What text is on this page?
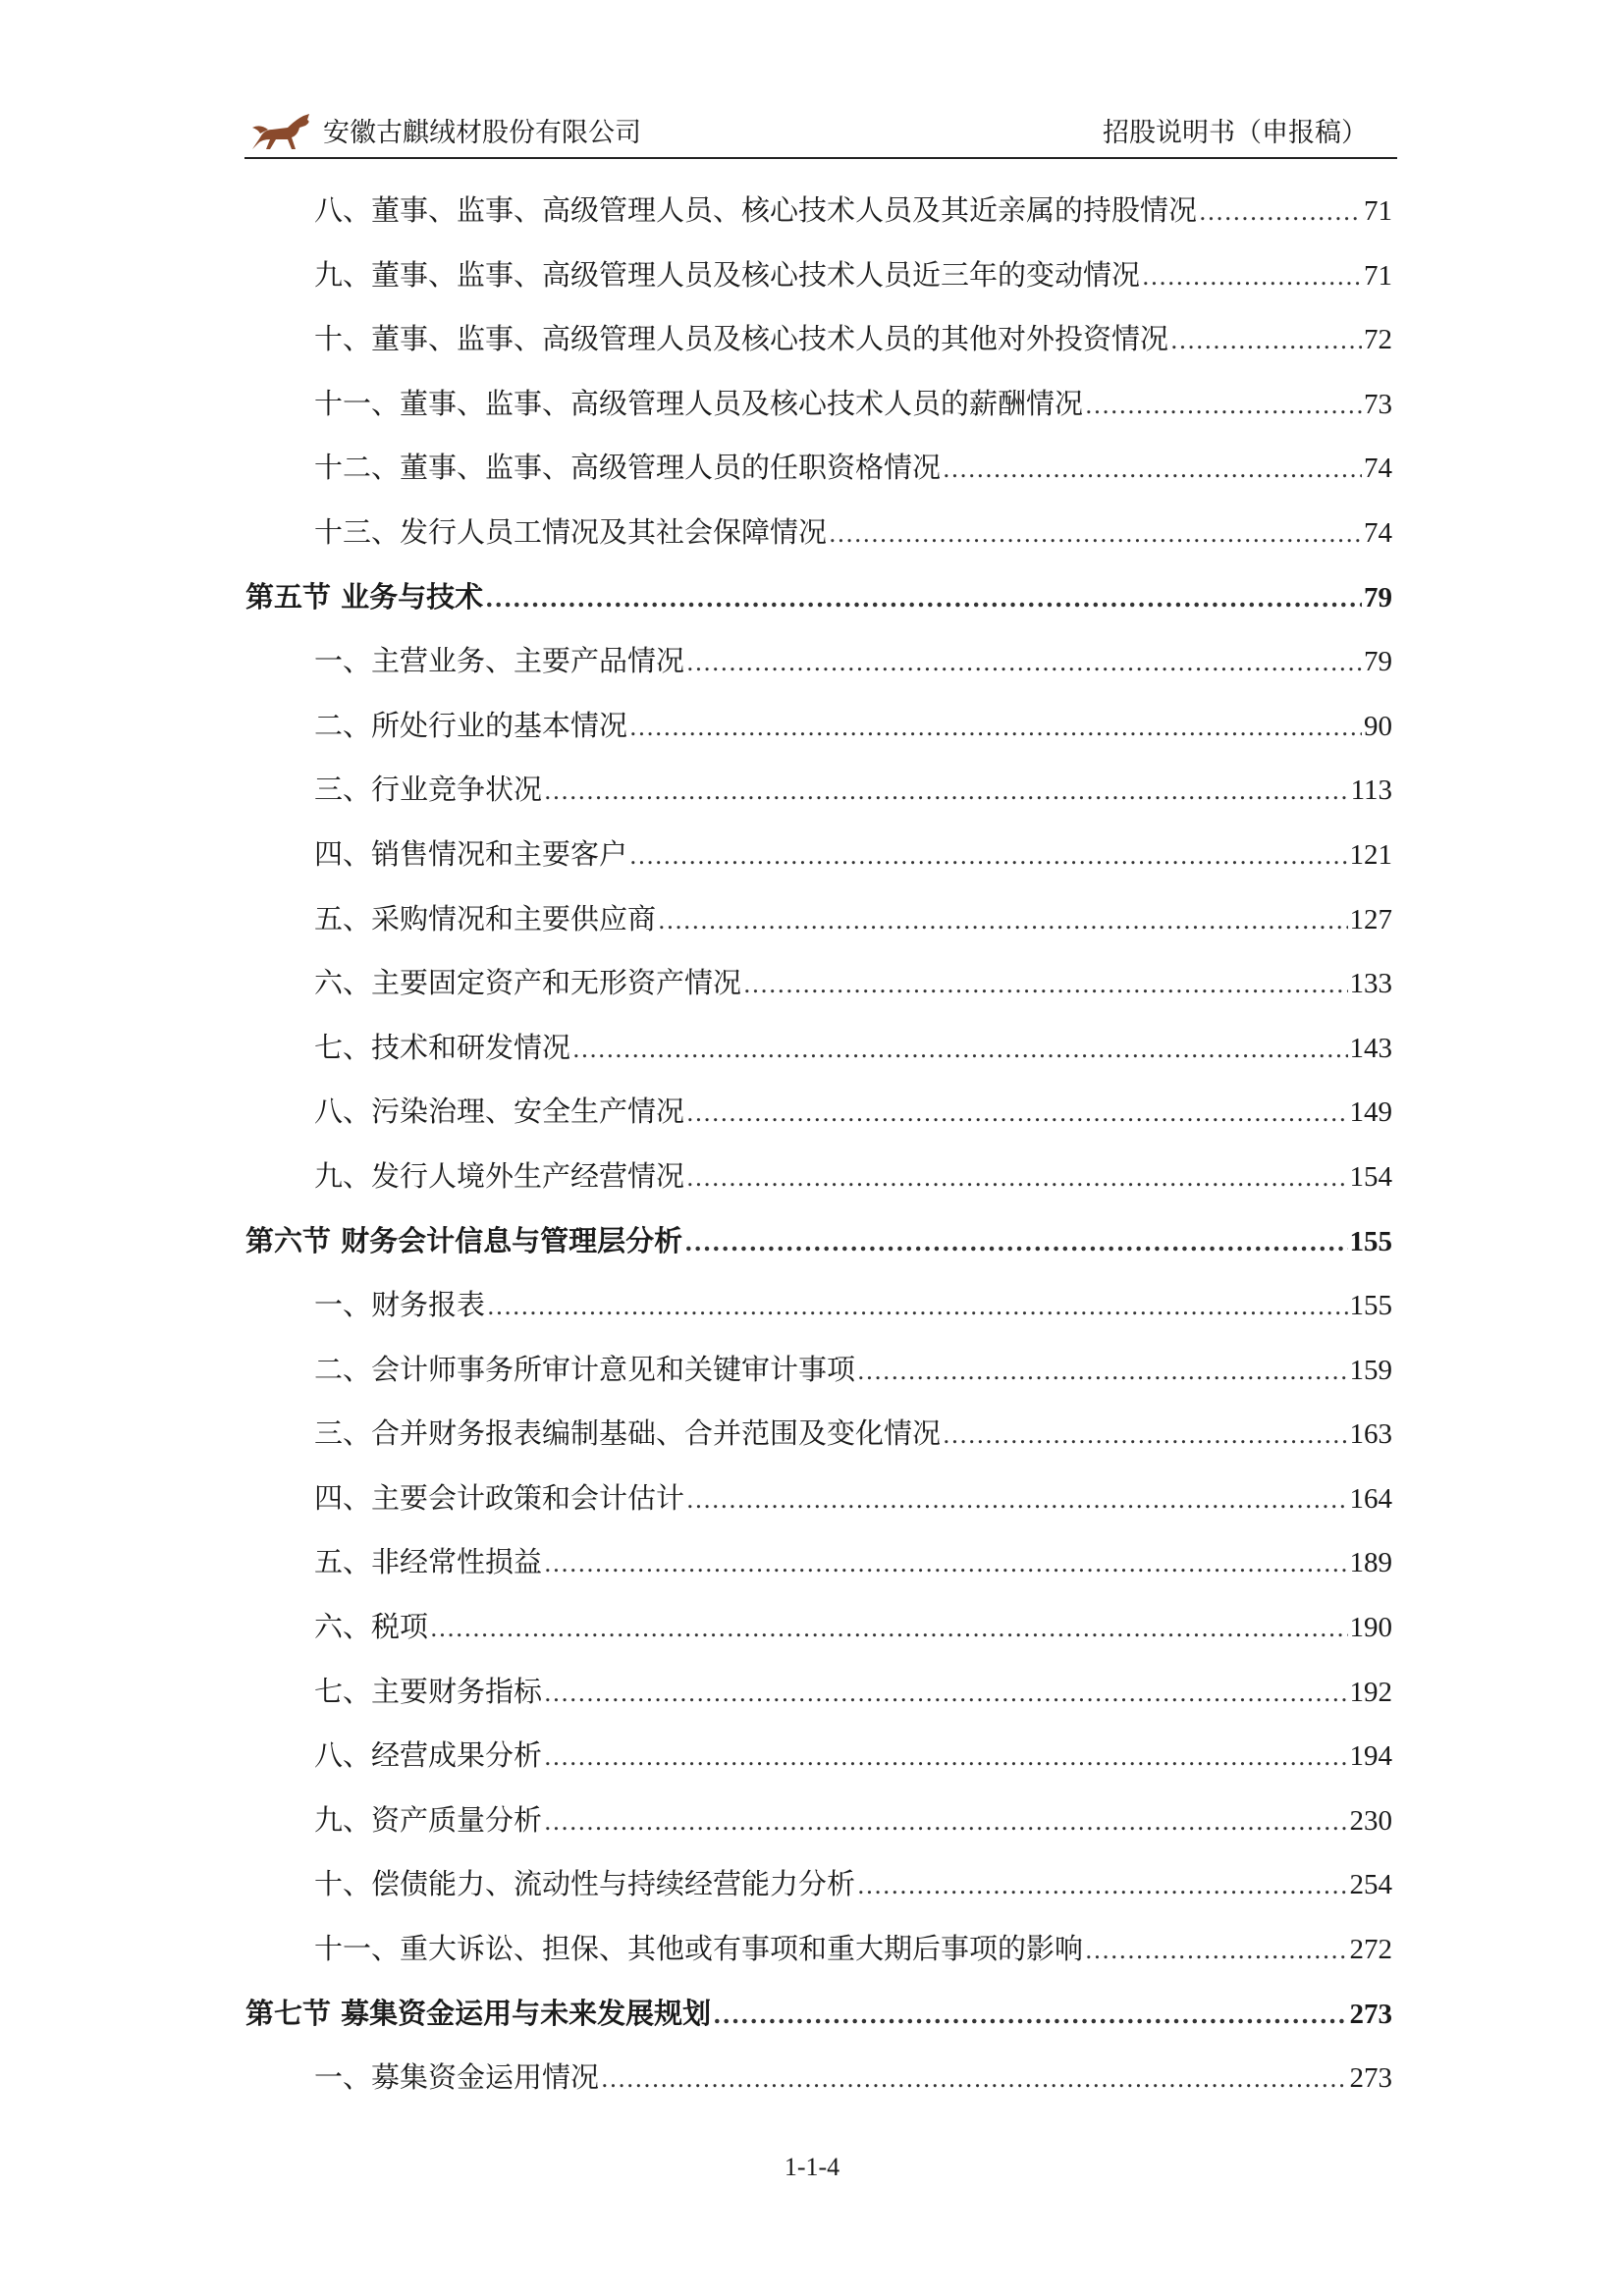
安徽古麒绒材股份有限公司	招股说明书（申报稿）
八、董事、监事、高级管理人员、核心技术人员及其近亲属的持股情况 .....	71
九、董事、监事、高级管理人员及核心技术人员近三年的变动情况 .....	71
十、董事、监事、高级管理人员及核心技术人员的其他对外投资情况 .....	72
十一、董事、监事、高级管理人员及核心技术人员的薪酬情况 .....	73
十二、董事、监事、高级管理人员的任职资格情况 .....	74
十三、发行人员工情况及其社会保障情况 .....	74
第五节 业务与技术 .....	79
一、主营业务、主要产品情况 .....	79
二、所处行业的基本情况 .....	90
三、行业竞争状况 .....	113
四、销售情况和主要客户 .....	121
五、采购情况和主要供应商 .....	127
六、主要固定资产和无形资产情况 .....	133
七、技术和研发情况 .....	143
八、污染治理、安全生产情况 .....	149
九、发行人境外生产经营情况 .....	154
第六节 财务会计信息与管理层分析 .....	155
一、财务报表 .....	155
二、会计师事务所审计意见和关键审计事项 .....	159
三、合并财务报表编制基础、合并范围及变化情况 .....	163
四、主要会计政策和会计估计 .....	164
五、非经常性损益 .....	189
六、税项 .....	190
七、主要财务指标 .....	192
八、经营成果分析 .....	194
九、资产质量分析 .....	230
十、偿债能力、流动性与持续经营能力分析 .....	254
十一、重大诉讼、担保、其他或有事项和重大期后事项的影响 .....	272
第七节 募集资金运用与未来发展规划 .....	273
一、募集资金运用情况 .....	273
1-1-4
